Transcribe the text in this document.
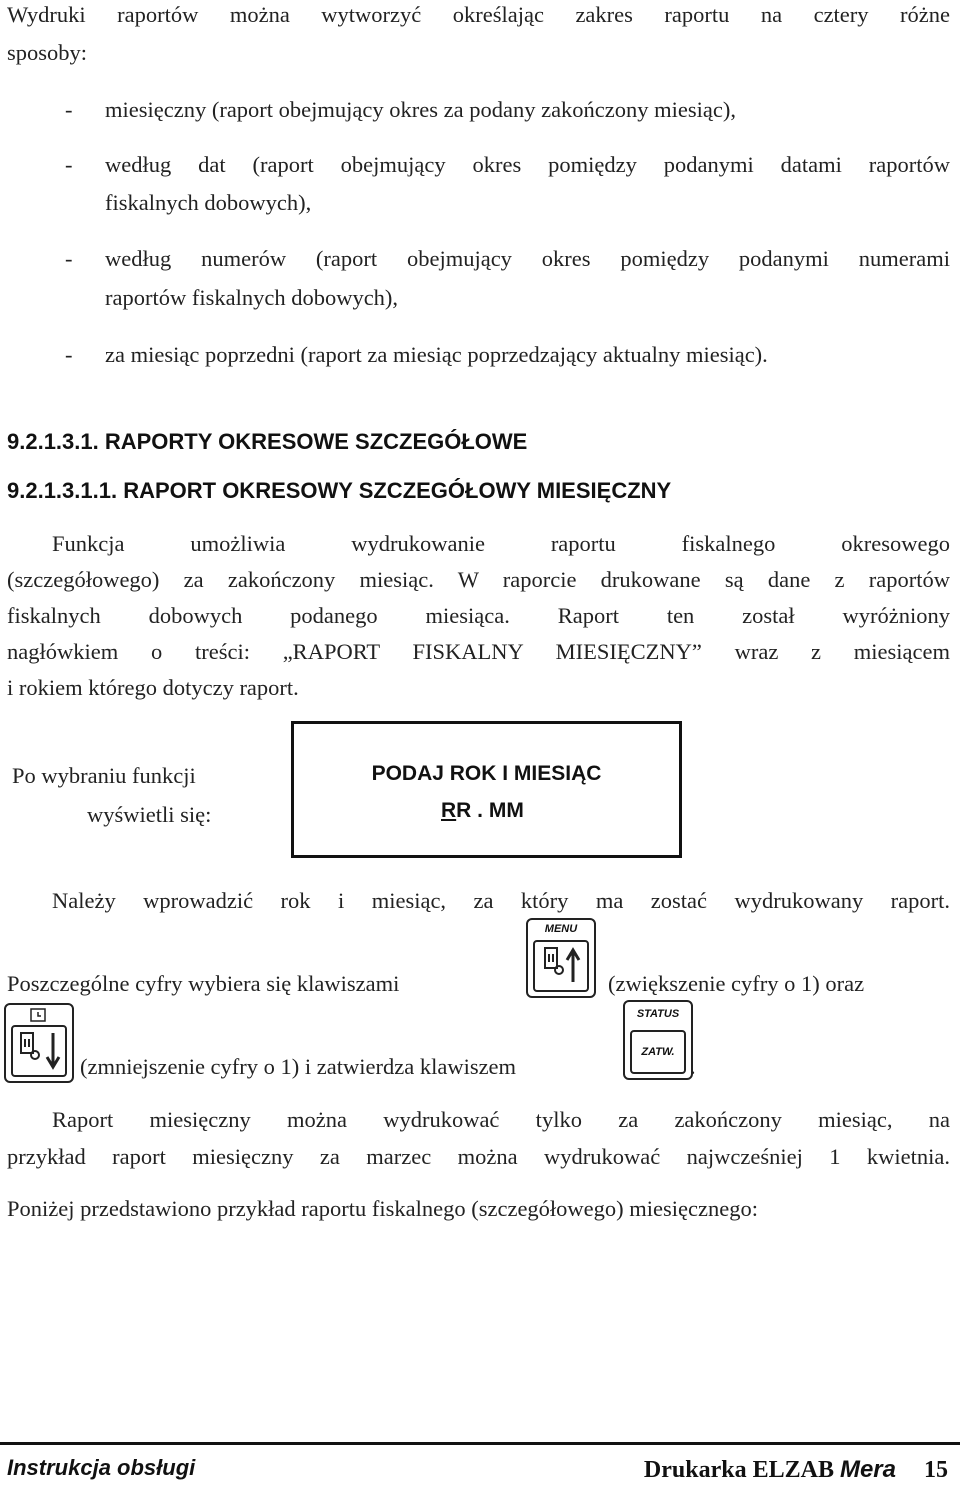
Wydruki raportów można wytworzyć określając zakres raportu na cztery różne
sposoby:
- miesięczny (raport obejmujący okres za podany zakończony miesiąc),
- według dat (raport obejmujący okres pomiędzy podanymi datami raportów
fiskalnych dobowych),
- według numerów (raport obejmujący okres pomiędzy podanymi numerami
raportów fiskalnych dobowych),
- za miesiąc poprzedni (raport za miesiąc poprzedzający aktualny miesiąc).
9.2.1.3.1. RAPORTY OKRESOWE SZCZEGÓŁOWE
9.2.1.3.1.1. RAPORT OKRESOWY SZCZEGÓŁOWY MIESIĘCZNY
Funkcja umożliwia wydrukowanie raportu fiskalnego okresowego
(szczegółowego) za zakończony miesiąc. W raporcie drukowane są dane z raportów
fiskalnych dobowych podanego miesiąca. Raport ten został wyróżniony
nagłówkiem o treści: „RAPORT FISKALNY MIESIĘCZNY” wraz z miesiącem
i rokiem którego dotyczy raport.
Po wybraniu funkcji
wyświetli się:
PODAJ ROK I MIESIĄC
RR . MM
Należy wprowadzić rok i miesiąc, za który ma zostać wydrukowany raport.
Poszczególne cyfry wybiera się klawiszami
MENU
(zwiększenie cyfry o 1) oraz
(zmniejszenie cyfry o 1) i zatwierdza klawiszem
STATUS
ZATW.
.
Raport miesięczny można wydrukować tylko za zakończony miesiąc, na
przykład raport miesięczny za marzec można wydrukować najwcześniej 1 kwietnia.
Poniżej przedstawiono przykład raportu fiskalnego (szczegółowego) miesięcznego:
Instrukcja obsługi	Drukarka ELZAB Mera 15
